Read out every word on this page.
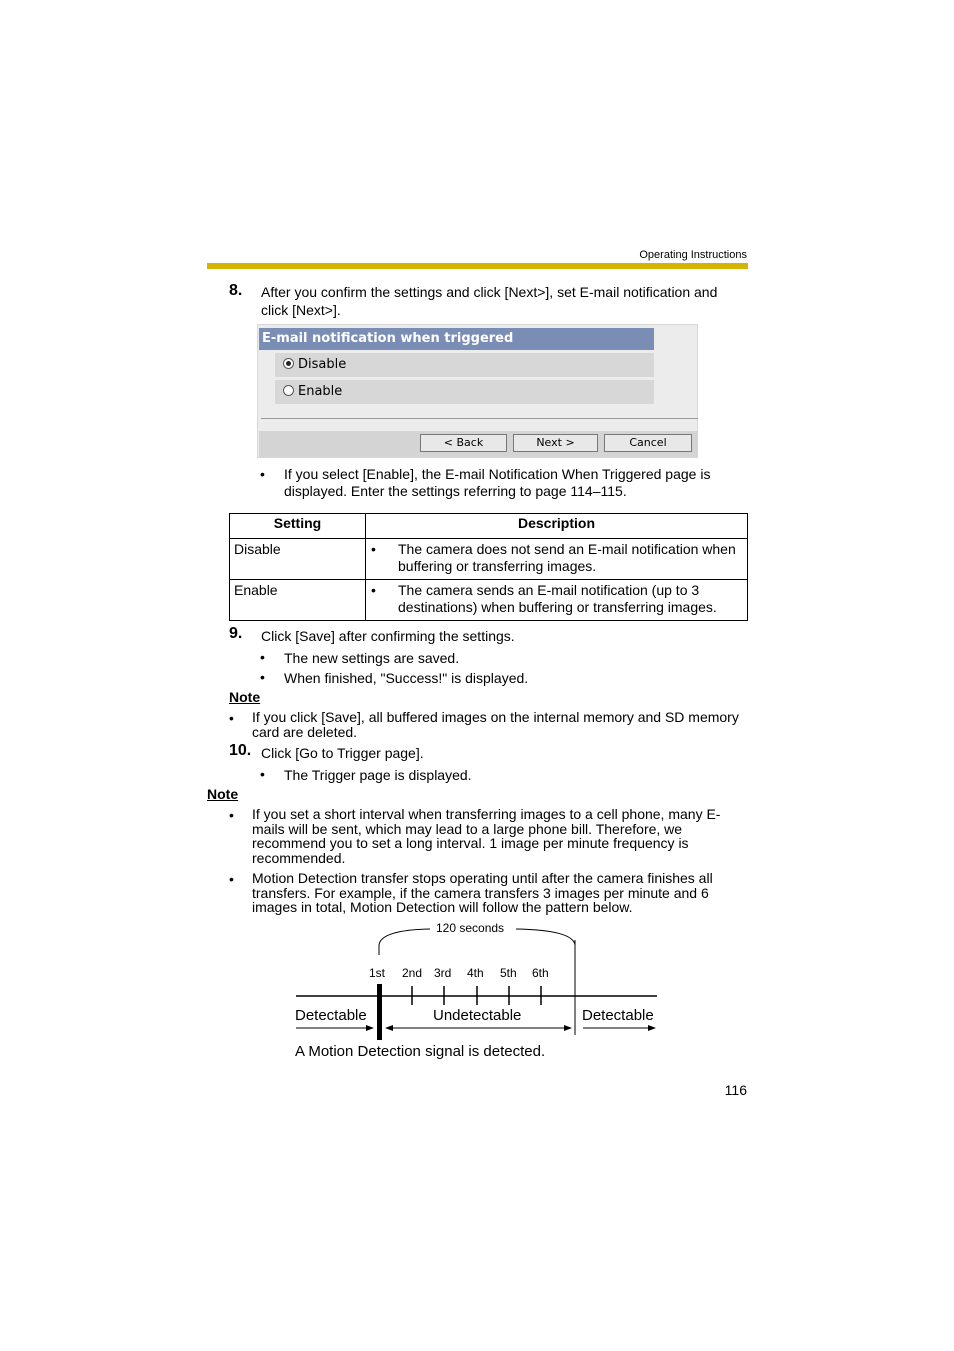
Operating Instructions
8. After you confirm the settings and click [Next>], set E-mail notification and
click [Next>].
E-mail notification when triggered
Disable
Enable
< Back	Next >	Cancel
• If you select [Enable], the E-mail Notification When Triggered page is
displayed. Enter the settings referring to page 114–115.
Setting	Description
Disable	• The camera does not send an E-mail notification when
buffering or transferring images.

Enable	• The camera sends an E-mail notification (up to 3
destinations) when buffering or transferring images.
9. Click [Save] after confirming the settings.
• The new settings are saved.
• When finished, "Success!" is displayed.
Note
• If you click [Save], all buffered images on the internal memory and SD memory
card are deleted.
10. Click [Go to Trigger page].
• The Trigger page is displayed.
Note
• If you set a short interval when transferring images to a cell phone, many E-
mails will be sent, which may lead to a large phone bill. Therefore, we
recommend you to set a long interval. 1 image per minute frequency is
recommended.
• Motion Detection transfer stops operating until after the camera finishes all
transfers. For example, if the camera transfers 3 images per minute and 6
images in total, Motion Detection will follow the pattern below.
120 seconds
1st 2nd 3rd 4th 5th 6th
Detectable	Undetectable	Detectable
A Motion Detection signal is detected.
116
